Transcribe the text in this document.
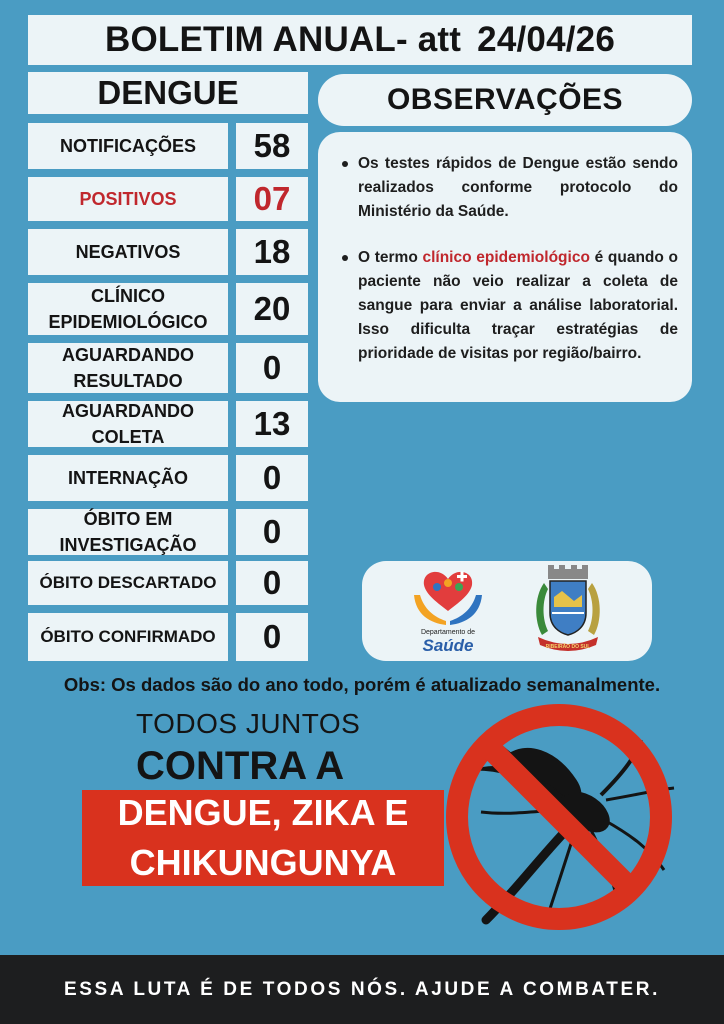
BOLETIM ANUAL- att 24/04/26
DENGUE	OBSERVAÇÕES
NOTIFICAÇÕES	58
POSITIVOS	07
NEGATIVOS	18
CLÍNICO
EPIDEMIOLÓGICO	20
AGUARDANDO
RESULTADO	0
AGUARDANDO
COLETA	13
INTERNAÇÃO	0
ÓBITO EM
INVESTIGAÇÃO	0
ÓBITO DESCARTADO	0
ÓBITO CONFIRMADO	0
Os testes rápidos de Dengue estão sendo realizados conforme protocolo do Ministério da Saúde.
O termo clínico epidemiológico é quando o paciente não veio realizar a coleta de sangue para enviar a análise laboratorial. Isso dificulta traçar estratégias de prioridade de visitas por região/bairro.
Departamento de
Saúde	RIBEIRÃO DO SUL
Obs: Os dados são do ano todo, porém é atualizado semanalmente.
TODOS JUNTOS
CONTRA A
DENGUE, ZIKA E
CHIKUNGUNYA
ESSA LUTA É DE TODOS NÓS. AJUDE A COMBATER.
